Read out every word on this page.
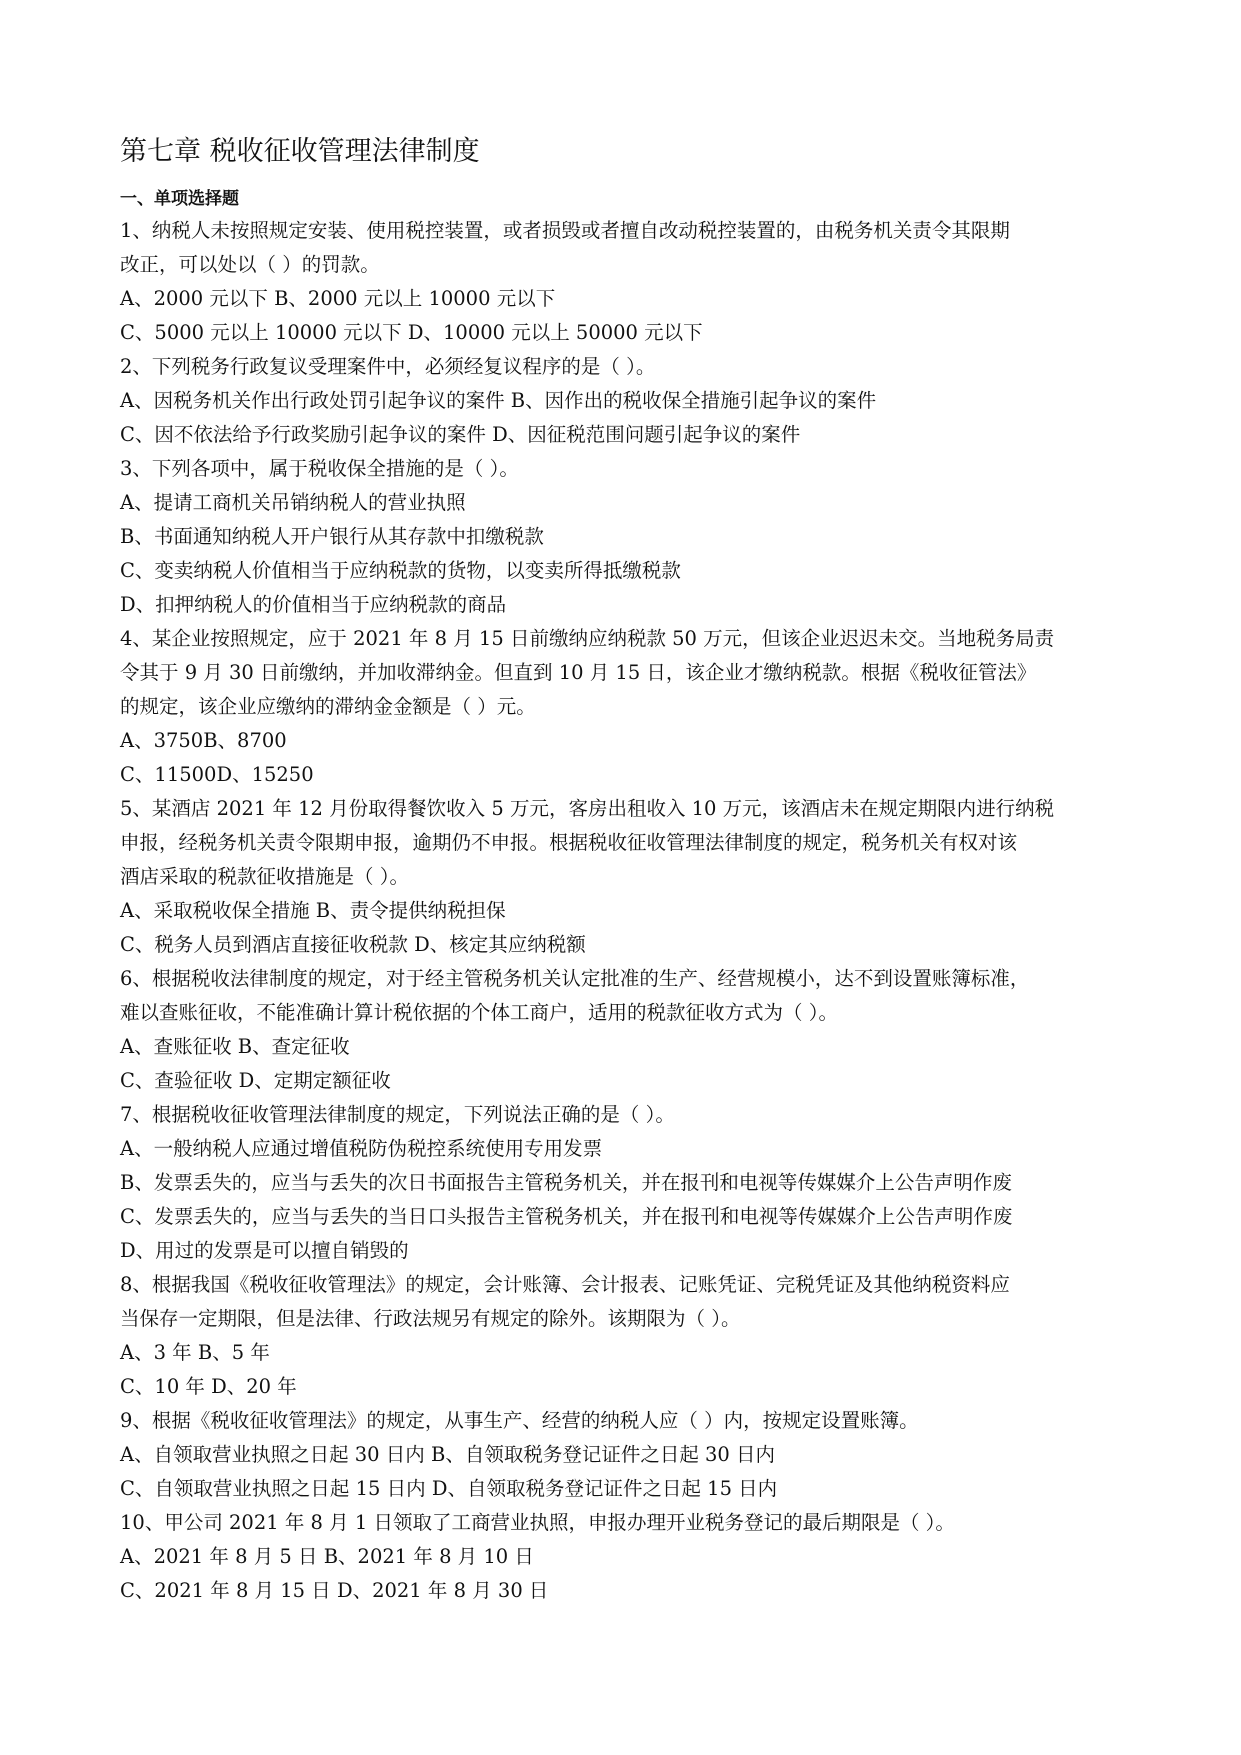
第七章 税收征收管理法律制度
一、单项选择题
1、纳税人未按照规定安装、使用税控装置，或者损毁或者擅自改动税控装置的，由税务机关责令其限期
改正，可以处以（ ）的罚款。
A、2000 元以下 B、2000 元以上 10000 元以下
C、5000 元以上 10000 元以下 D、10000 元以上 50000 元以下
2、下列税务行政复议受理案件中，必须经复议程序的是（ ）。
A、因税务机关作出行政处罚引起争议的案件 B、因作出的税收保全措施引起争议的案件
C、因不依法给予行政奖励引起争议的案件 D、因征税范围问题引起争议的案件
3、下列各项中，属于税收保全措施的是（ ）。
A、提请工商机关吊销纳税人的营业执照
B、书面通知纳税人开户银行从其存款中扣缴税款
C、变卖纳税人价值相当于应纳税款的货物，以变卖所得抵缴税款
D、扣押纳税人的价值相当于应纳税款的商品
4、某企业按照规定，应于 2021 年 8 月 15 日前缴纳应纳税款 50 万元，但该企业迟迟未交。当地税务局责
令其于 9 月 30 日前缴纳，并加收滞纳金。但直到 10 月 15 日，该企业才缴纳税款。根据《税收征管法》
的规定，该企业应缴纳的滞纳金金额是（ ）元。
A、3750B、8700
C、11500D、15250
5、某酒店 2021 年 12 月份取得餐饮收入 5 万元，客房出租收入 10 万元，该酒店未在规定期限内进行纳税
申报，经税务机关责令限期申报，逾期仍不申报。根据税收征收管理法律制度的规定，税务机关有权对该
酒店采取的税款征收措施是（ ）。
A、采取税收保全措施 B、责令提供纳税担保
C、税务人员到酒店直接征收税款 D、核定其应纳税额
6、根据税收法律制度的规定，对于经主管税务机关认定批准的生产、经营规模小，达不到设置账簿标准，
难以查账征收，不能准确计算计税依据的个体工商户，适用的税款征收方式为（ ）。
A、查账征收 B、查定征收
C、查验征收 D、定期定额征收
7、根据税收征收管理法律制度的规定，下列说法正确的是（ ）。
A、一般纳税人应通过增值税防伪税控系统使用专用发票
B、发票丢失的，应当与丢失的次日书面报告主管税务机关，并在报刊和电视等传媒媒介上公告声明作废
C、发票丢失的，应当与丢失的当日口头报告主管税务机关，并在报刊和电视等传媒媒介上公告声明作废
D、用过的发票是可以擅自销毁的
8、根据我国《税收征收管理法》的规定，会计账簿、会计报表、记账凭证、完税凭证及其他纳税资料应
当保存一定期限，但是法律、行政法规另有规定的除外。该期限为（ ）。
A、3 年 B、5 年
C、10 年 D、20 年
9、根据《税收征收管理法》的规定，从事生产、经营的纳税人应（ ）内，按规定设置账簿。
A、自领取营业执照之日起 30 日内 B、自领取税务登记证件之日起 30 日内
C、自领取营业执照之日起 15 日内 D、自领取税务登记证件之日起 15 日内
10、甲公司 2021 年 8 月 1 日领取了工商营业执照，申报办理开业税务登记的最后期限是（ ）。
A、2021 年 8 月 5 日 B、2021 年 8 月 10 日
C、2021 年 8 月 15 日 D、2021 年 8 月 30 日
